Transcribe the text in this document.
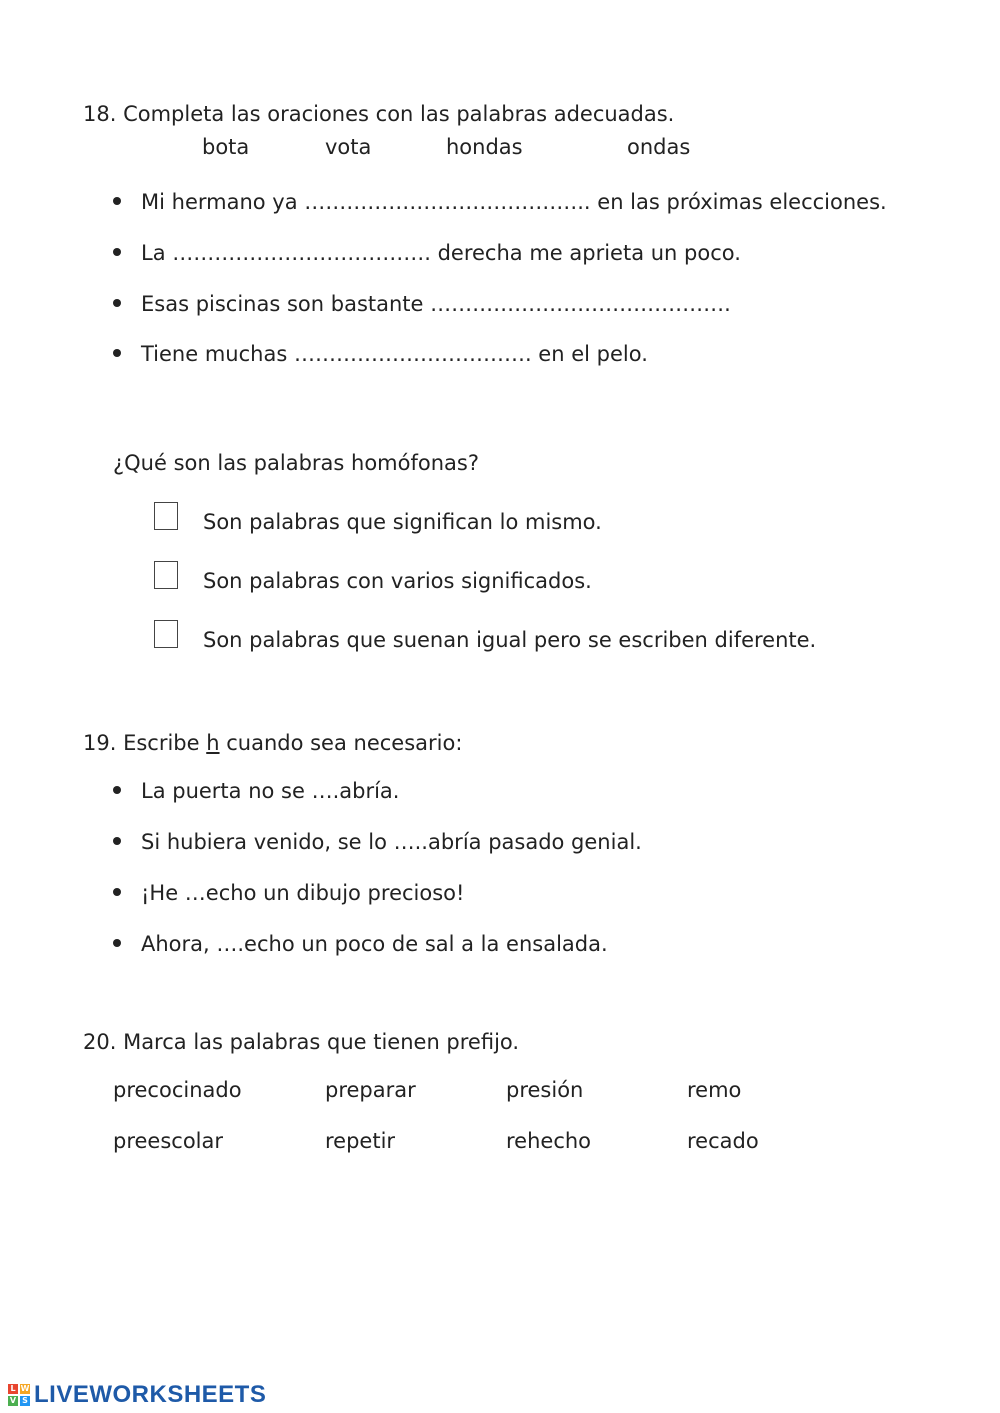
18. Completa las oraciones con las palabras adecuadas.
bota	vota	hondas	ondas
Mi hermano ya ………………………………….. en las próximas elecciones.
La ………………………………. derecha me aprieta un poco.
Esas piscinas son bastante …………………………………….
Tiene muchas ……………………………. en el pelo.
¿Qué son las palabras homófonas?
Son palabras que significan lo mismo.
Son palabras con varios significados.
Son palabras que suenan igual pero se escriben diferente.
19. Escribe h cuando sea necesario:
La puerta no se ….abría.
Si hubiera venido, se lo …..abría pasado genial.
¡He …echo un dibujo precioso!
Ahora, ….echo un poco de sal a la ensalada.
20. Marca las palabras que tienen prefijo.
precocinado	preparar	presión	remo
preescolar	repetir	rehecho	recado
L W
V S LIVEWORKSHEETS
